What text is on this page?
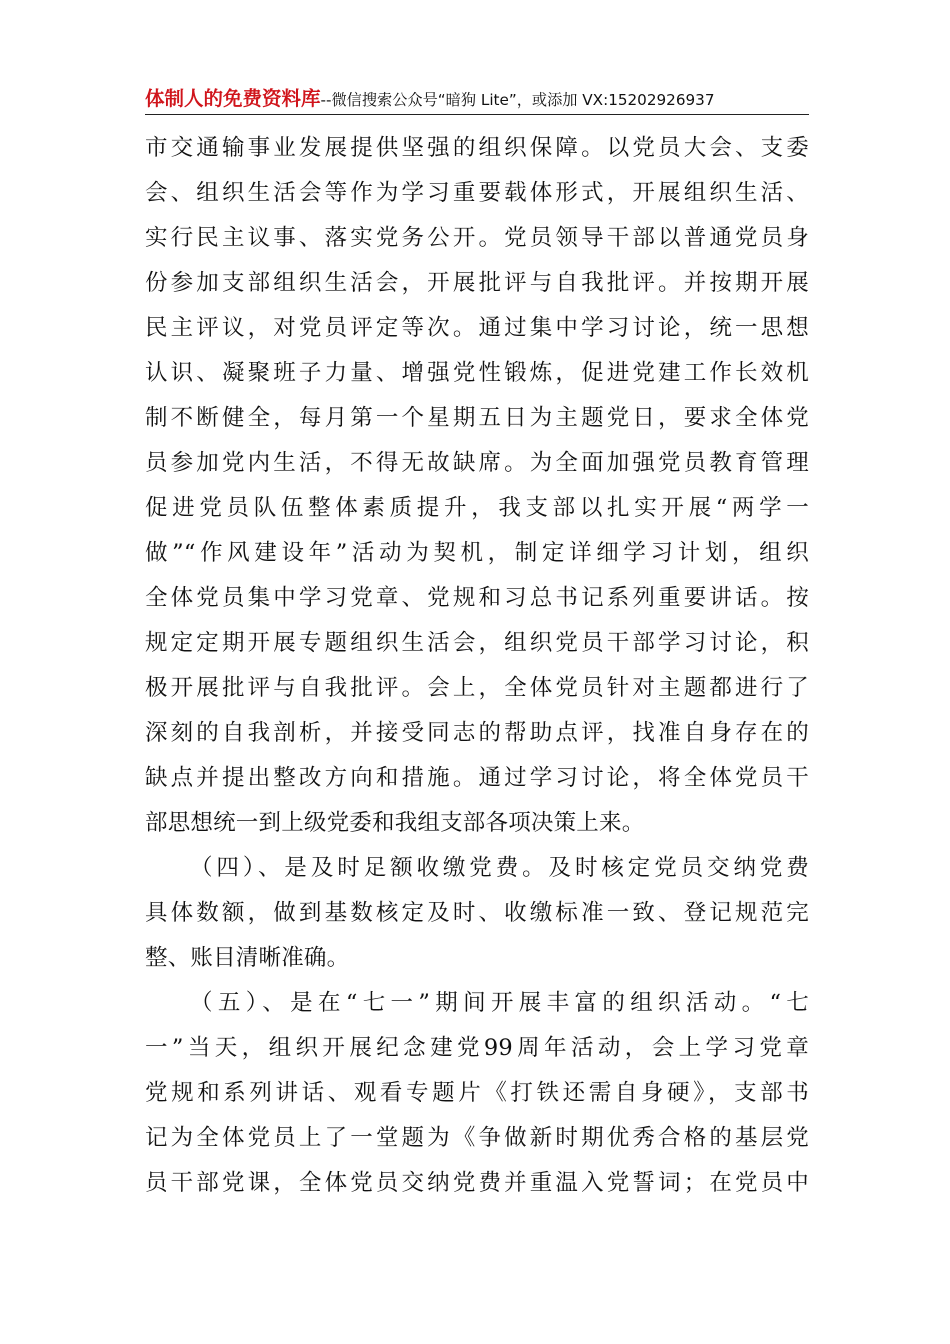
体制人的免费资料库--微信搜索公众号“暗狗 Lite”，或添加 VX:15202926937
市交通输事业发展提供坚强的组织保障。以党员大会、支委
会、组织生活会等作为学习重要载体形式，开展组织生活、
实行民主议事、落实党务公开。党员领导干部以普通党员身
份参加支部组织生活会，开展批评与自我批评。并按期开展
民主评议，对党员评定等次。通过集中学习讨论，统一思想
认识、凝聚班子力量、增强党性锻炼，促进党建工作长效机
制不断健全，每月第一个星期五日为主题党日，要求全体党
员参加党内生活，不得无故缺席。为全面加强党员教育管理
促进党员队伍整体素质提升，我支部以扎实开展“两学一
做”“作风建设年”活动为契机，制定详细学习计划，组织
全体党员集中学习党章、党规和习总书记系列重要讲话。按
规定定期开展专题组织生活会，组织党员干部学习讨论，积
极开展批评与自我批评。会上，全体党员针对主题都进行了
深刻的自我剖析，并接受同志的帮助点评，找准自身存在的
缺点并提出整改方向和措施。通过学习讨论，将全体党员干
部思想统一到上级党委和我组支部各项决策上来。
（四）、是及时足额收缴党费。及时核定党员交纳党费
具体数额，做到基数核定及时、收缴标准一致、登记规范完
整、账目清晰准确。
（五）、是在“七一”期间开展丰富的组织活动。“七
一”当天，组织开展纪念建党99周年活动，会上学习党章
党规和系列讲话、观看专题片《打铁还需自身硬》，支部书
记为全体党员上了一堂题为《争做新时期优秀合格的基层党
员干部党课，全体党员交纳党费并重温入党誓词；在党员中
